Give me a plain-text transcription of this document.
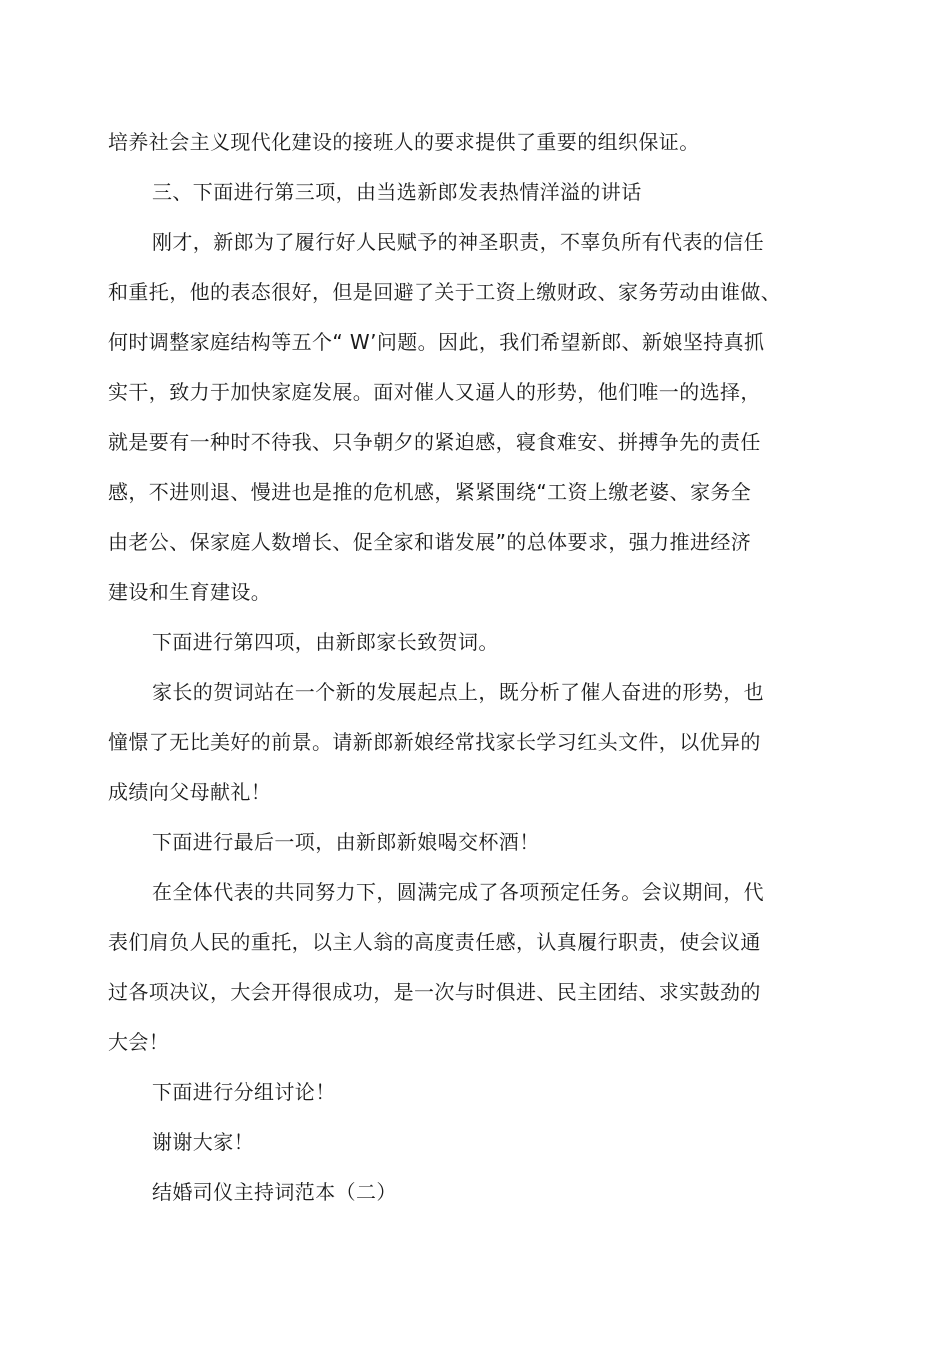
培养社会主义现代化建设的接班人的要求提供了重要的组织保证。
三、下面进行第三项，由当选新郎发表热情洋溢的讲话
刚才，新郎为了履行好人民赋予的神圣职责，不辜负所有代表的信任
和重托，他的表态很好，但是回避了关于工资上缴财政、家务劳动由谁做、
何时调整家庭结构等五个“ W’问题。因此，我们希望新郎、新娘坚持真抓
实干，致力于加快家庭发展。面对催人又逼人的形势，他们唯一的选择，
就是要有一种时不待我、只争朝夕的紧迫感，寝食难安、拼搏争先的责任
感，不进则退、慢进也是推的危机感，紧紧围绕“工资上缴老婆、家务全
由老公、保家庭人数增长、促全家和谐发展”的总体要求，强力推进经济
建设和生育建设。
下面进行第四项，由新郎家长致贺词。
家长的贺词站在一个新的发展起点上，既分析了催人奋进的形势，也
憧憬了无比美好的前景。请新郎新娘经常找家长学习红头文件，以优异的
成绩向父母献礼！
下面进行最后一项，由新郎新娘喝交杯酒！
在全体代表的共同努力下，圆满完成了各项预定任务。会议期间，代
表们肩负人民的重托，以主人翁的高度责任感，认真履行职责，使会议通
过各项决议，大会开得很成功，是一次与时俱进、民主团结、求实鼓劲的
大会！
下面进行分组讨论！
谢谢大家！
结婚司仪主持词范本（二）
